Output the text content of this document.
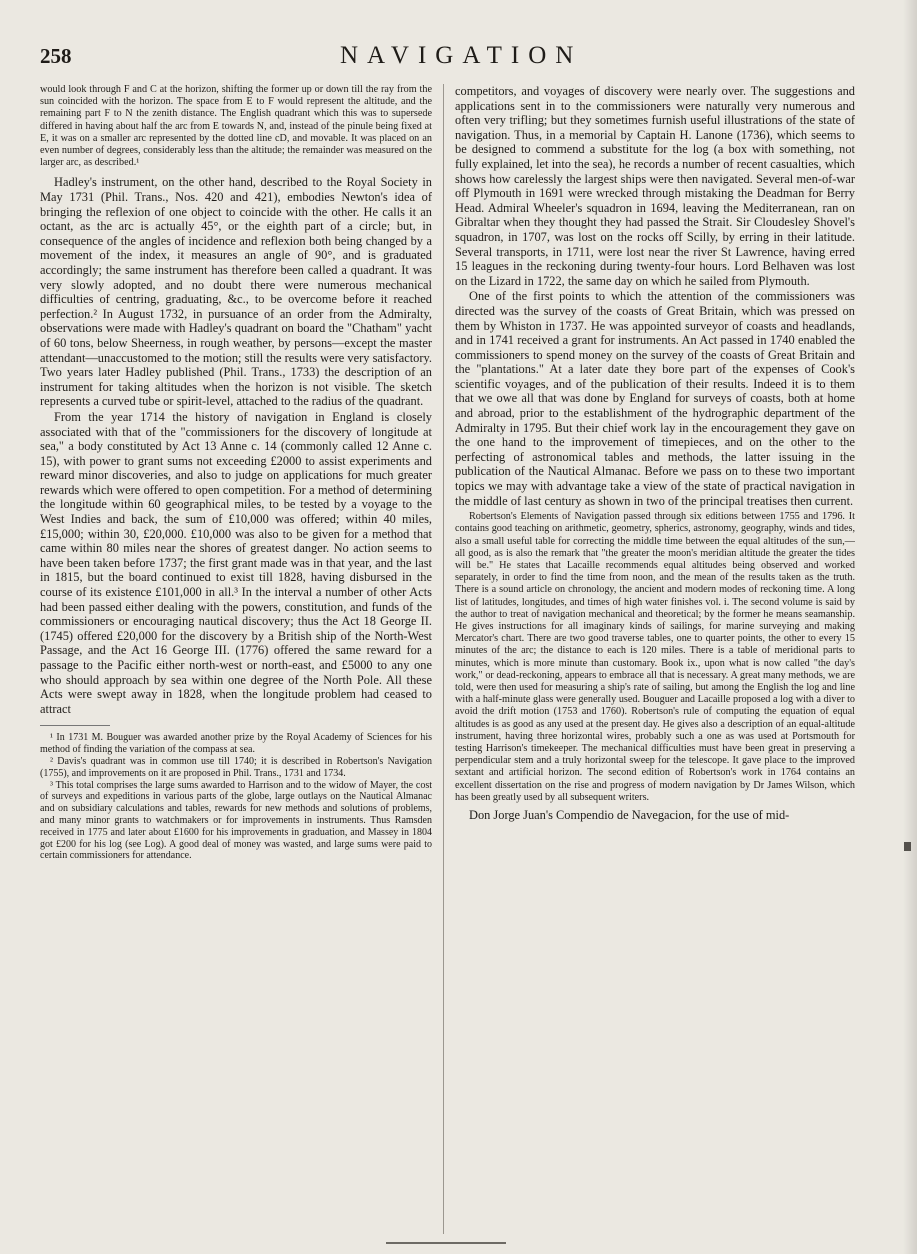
258	NAVIGATION

would look through F and C at the horizon, shifting the former up or down till the ray from the sun coincided with the horizon. The space from E to F would represent the altitude, and the remaining part F to N the zenith distance. The English quadrant which this was to supersede differed in having about half the arc from E towards N, and, instead of the pinule being fixed at E, it was on a smaller arc represented by the dotted line cD, and movable. It was placed on an even number of degrees, considerably less than the altitude; the remainder was measured on the larger arc, as described.¹

Hadley's instrument, on the other hand, described to the Royal Society in May 1731 (Phil. Trans., Nos. 420 and 421), embodies Newton's idea of bringing the reflexion of one object to coincide with the other. He calls it an octant, as the arc is actually 45°, or the eighth part of a circle; but, in consequence of the angles of incidence and reflexion both being changed by a movement of the index, it measures an angle of 90°, and is graduated accordingly; the same instrument has therefore been called a quadrant. It was very slowly adopted, and no doubt there were numerous mechanical difficulties of centring, graduating, &c., to be overcome before it reached perfection.² In August 1732, in pursuance of an order from the Admiralty, observations were made with Hadley's quadrant on board the "Chatham" yacht of 60 tons, below Sheerness, in rough weather, by persons—except the master attendant—unaccustomed to the motion; still the results were very satisfactory. Two years later Hadley published (Phil. Trans., 1733) the description of an instrument for taking altitudes when the horizon is not visible. The sketch represents a curved tube or spirit-level, attached to the radius of the quadrant.

From the year 1714 the history of navigation in England is closely associated with that of the "commissioners for the discovery of longitude at sea," a body constituted by Act 13 Anne c. 14 (commonly called 12 Anne c. 15), with power to grant sums not exceeding £2000 to assist experiments and reward minor discoveries, and also to judge on applications for much greater rewards which were offered to open competition. For a method of determining the longitude within 60 geographical miles, to be tested by a voyage to the West Indies and back, the sum of £10,000 was offered; within 40 miles, £15,000; within 30, £20,000. £10,000 was also to be given for a method that came within 80 miles near the shores of greatest danger. No action seems to have been taken before 1737; the first grant made was in that year, and the last in 1815, but the board continued to exist till 1828, having disbursed in the course of its existence £101,000 in all.³ In the interval a number of other Acts had been passed either dealing with the powers, constitution, and funds of the commissioners or encouraging nautical discovery; thus the Act 18 George II. (1745) offered £20,000 for the discovery by a British ship of the North-West Passage, and the Act 16 George III. (1776) offered the same reward for a passage to the Pacific either north-west or north-east, and £5000 to any one who should approach by sea within one degree of the North Pole. All these Acts were swept away in 1828, when the longitude problem had ceased to attract

¹ In 1731 M. Bouguer was awarded another prize by the Royal Academy of Sciences for his method of finding the variation of the compass at sea.

² Davis's quadrant was in common use till 1740; it is described in Robertson's Navigation (1755), and improvements on it are proposed in Phil. Trans., 1731 and 1734.

³ This total comprises the large sums awarded to Harrison and to the widow of Mayer, the cost of surveys and expeditions in various parts of the globe, large outlays on the Nautical Almanac and on subsidiary calculations and tables, rewards for new methods and solutions of problems, and many minor grants to watchmakers or for improvements in instruments. Thus Ramsden received in 1775 and later about £1600 for his improvements in graduation, and Massey in 1804 got £200 for his log (see Log). A good deal of money was wasted, and large sums were paid to certain commissioners for attendance.

competitors, and voyages of discovery were nearly over. The suggestions and applications sent in to the commissioners were naturally very numerous and often very trifling; but they sometimes furnish useful illustrations of the state of navigation. Thus, in a memorial by Captain H. Lanone (1736), which seems to be designed to commend a substitute for the log (a box with something, not fully explained, let into the sea), he records a number of recent casualties, which shows how carelessly the largest ships were then navigated. Several men-of-war off Plymouth in 1691 were wrecked through mistaking the Deadman for Berry Head. Admiral Wheeler's squadron in 1694, leaving the Mediterranean, ran on Gibraltar when they thought they had passed the Strait. Sir Cloudesley Shovel's squadron, in 1707, was lost on the rocks off Scilly, by erring in their latitude. Several transports, in 1711, were lost near the river St Lawrence, having erred 15 leagues in the reckoning during twenty-four hours. Lord Belhaven was lost on the Lizard in 1722, the same day on which he sailed from Plymouth.

One of the first points to which the attention of the commissioners was directed was the survey of the coasts of Great Britain, which was pressed on them by Whiston in 1737. He was appointed surveyor of coasts and headlands, and in 1741 received a grant for instruments. An Act passed in 1740 enabled the commissioners to spend money on the survey of the coasts of Great Britain and the "plantations." At a later date they bore part of the expenses of Cook's scientific voyages, and of the publication of their results. Indeed it is to them that we owe all that was done by England for surveys of coasts, both at home and abroad, prior to the establishment of the hydrographic department of the Admiralty in 1795. But their chief work lay in the encouragement they gave on the one hand to the improvement of timepieces, and on the other to the perfecting of astronomical tables and methods, the latter issuing in the publication of the Nautical Almanac. Before we pass on to these two important topics we may with advantage take a view of the state of practical navigation in the middle of last century as shown in two of the principal treatises then current.

Robertson's Elements of Navigation passed through six editions between 1755 and 1796. It contains good teaching on arithmetic, geometry, spherics, astronomy, geography, winds and tides, also a small useful table for correcting the middle time between the equal altitudes of the sun,—all good, as is also the remark that "the greater the moon's meridian altitude the greater the tides will be." He states that Lacaille recommends equal altitudes being observed and worked separately, in order to find the time from noon, and the mean of the results taken as the truth. There is a sound article on chronology, the ancient and modern modes of reckoning time. A long list of latitudes, longitudes, and times of high water finishes vol. i. The second volume is said by the author to treat of navigation mechanical and theoretical; by the former he means seamanship. He gives instructions for all imaginary kinds of sailings, for marine surveying and making Mercator's chart. There are two good traverse tables, one to quarter points, the other to every 15 minutes of the arc; the distance to each is 120 miles. There is a table of meridional parts to minutes, which is more minute than customary. Book ix., upon what is now called "the day's work," or dead-reckoning, appears to embrace all that is necessary. A great many methods, we are told, were then used for measuring a ship's rate of sailing, but among the English the log and line with a half-minute glass were generally used. Bouguer and Lacaille proposed a log with a diver to avoid the drift motion (1753 and 1760). Robertson's rule of computing the equation of equal altitudes is as good as any used at the present day. He gives also a description of an equal-altitude instrument, having three horizontal wires, probably such a one as was used at Portsmouth for testing Harrison's timekeeper. The mechanical difficulties must have been great in preserving a perpendicular stem and a truly horizontal sweep for the telescope. It gave place to the improved sextant and artificial horizon. The second edition of Robertson's work in 1764 contains an excellent dissertation on the rise and progress of modern navigation by Dr James Wilson, which has been greatly used by all subsequent writers.

Don Jorge Juan's Compendio de Navegacion, for the use of mid-
